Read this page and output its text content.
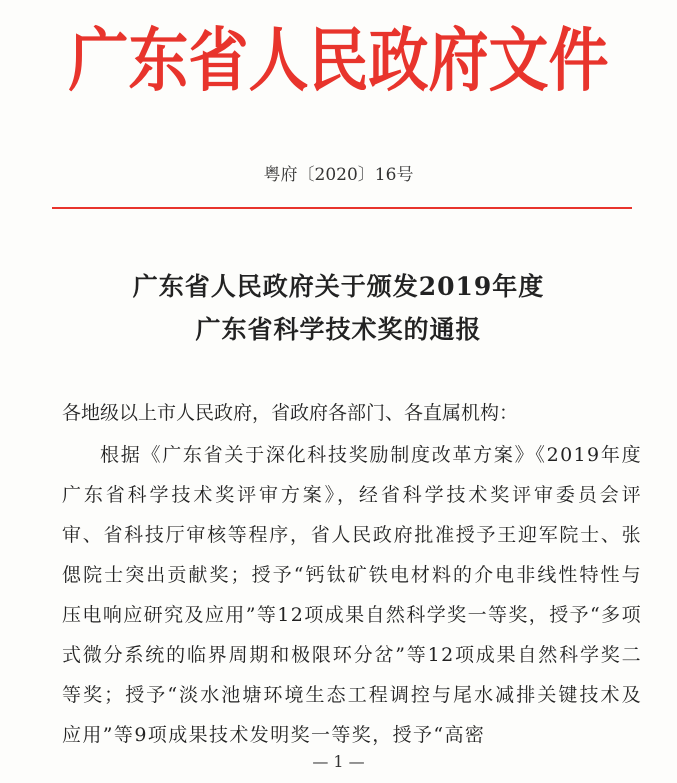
广东省人民政府文件
粤府〔2020〕16号
广东省人民政府关于颁发2019年度
广东省科学技术奖的通报
各地级以上市人民政府，省政府各部门、各直属机构：
根据《广东省关于深化科技奖励制度改革方案》《2019年度广东省科学技术奖评审方案》，经省科学技术奖评审委员会评审、省科技厅审核等程序，省人民政府批准授予王迎军院士、张偲院士突出贡献奖；授予“钙钛矿铁电材料的介电非线性特性与压电响应研究及应用”等12项成果自然科学奖一等奖，授予“多项式微分系统的临界周期和极限环分岔”等12项成果自然科学奖二等奖；授予“淡水池塘环境生态工程调控与尾水减排关键技术及应用”等9项成果技术发明奖一等奖，授予“高密
— 1 —
